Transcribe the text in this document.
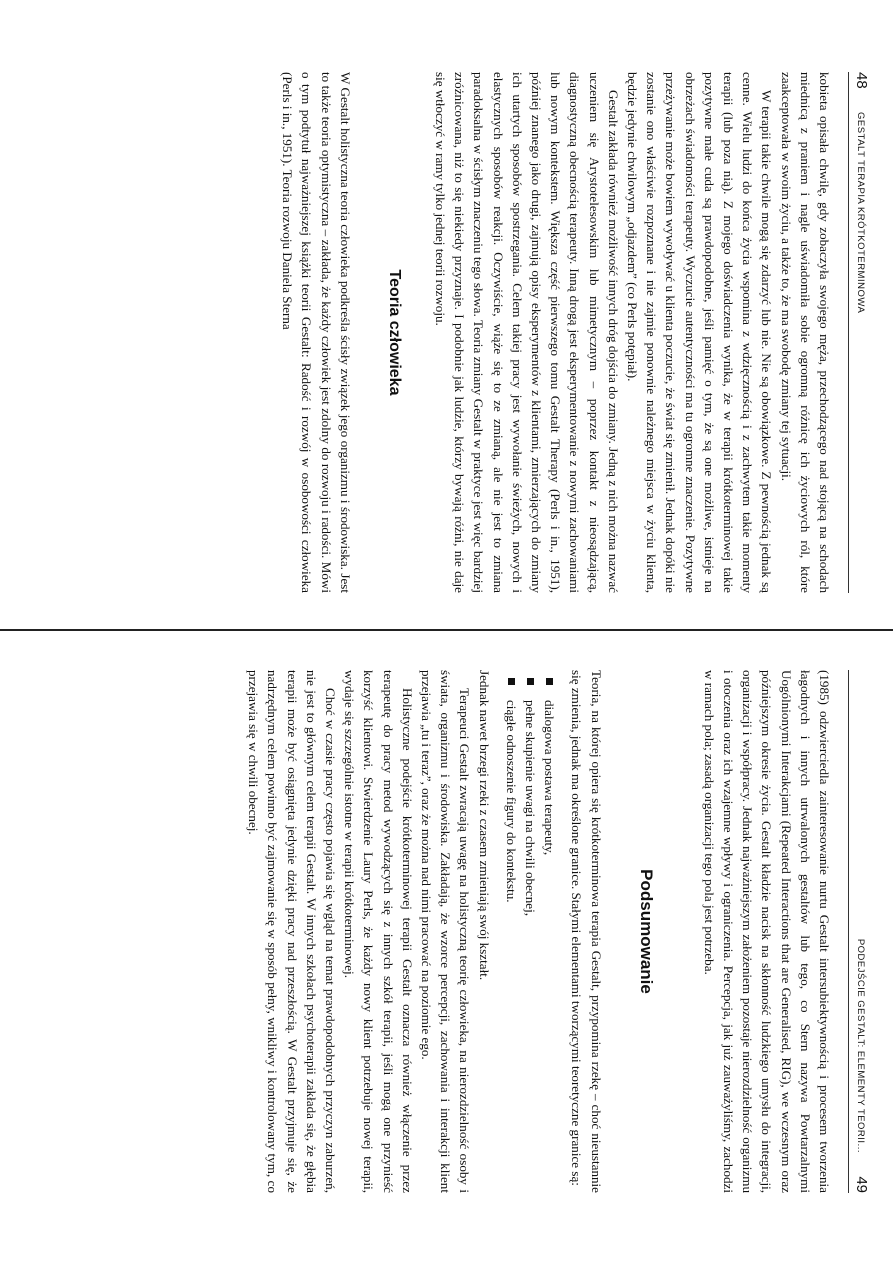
48
GESTALT TERAPIA KRÓTKOTERMINOWA

kobieta opisała chwilę, gdy zobaczyła swojego męża, przechodzącego nad stojącą na schodach miednicą z praniem i nagle uświadomiła sobie ogromną różnicę ich życiowych ról, które zaakceptowała w swoim życiu, a także to, że ma swobodę zmiany tej sytuacji.

W terapii takie chwile mogą się zdarzyć lub nie. Nie są obowiązkowe. Z pewnością jednak są cenne. Wielu ludzi do końca życia wspomina z wdzięcznością i z zachwytem takie momenty terapii (lub poza nią). Z mojego doświadczenia wynika, że w terapii krótkoterminowej takie pozytywne małe cuda są prawdopodobne, jeśli pamięć o tym, że są one możliwe, istnieje na obrzeżach świadomości terapeuty. Wyczucie autentyczności ma tu ogromne znaczenie. Pozytywne przeżywanie może bowiem wywoływać u klienta poczucie, że świat się zmienił. Jednak dopóki nie zostanie ono właściwie rozpoznane i nie zajmie ponownie należnego miejsca w życiu klienta, będzie jedynie chwilowym „odjazdem” (co Perls potępiał).

Gestalt zakłada również możliwość innych dróg dojścia do zmiany. Jedną z nich można nazwać uczeniem się Arystotelesowskim lub mimetycznym – poprzez kontakt z nieosądzającą, diagnostyczną obecnością terapeuty. Inną drogą jest eksperymentowanie z nowymi zachowaniami lub nowym kontekstem. Większa część pierwszego tomu Gestalt Therapy (Perls i in., 1951), później znanego jako drugi, zajmują opisy eksperymentów z klientami, zmierzających do zmiany ich utartych sposobów spostrzegania. Celem takiej pracy jest wywołanie świeżych, nowych i elastycznych sposobów reakcji. Oczywiście, wiąże się to ze zmianą, ale nie jest to zmiana paradoksalna w ścisłym znaczeniu tego słowa. Teoria zmiany Gestalt w praktyce jest więc bardziej zróżnicowana, niż to się niekiedy przyznaje. I podobnie jak ludzie, którzy bywają różni, nie daje się wtłoczyć w ramy tylko jednej teorii rozwoju.

Teoria człowieka

W Gestalt holistyczna teoria człowieka podkreśla ścisły związek jego organizmu i środowiska. Jest to także teoria optymistyczna – zakłada, że każdy człowiek jest zdolny do rozwoju i radości. Mówi o tym podtytuł najważniejszej książki teorii Gestalt: Radość i rozwój w osobowości człowieka (Perls i in., 1951). Teoria rozwoju Daniela Sterna

PODEJŚCIE GESTALT: ELEMENTY TEORII...
49

(1985) odzwierciedla zainteresowanie nurtu Gestalt intersubiektywnością i procesem tworzenia łagodnych i innych utrwalonych gestaltów lub tego, co Stern nazywa Powtarzalnymi Uogólnionymi Interakcjami (Repeated Interactions that are Generalised, RIG), we wczesnym oraz późniejszym okresie życia. Gestalt kładzie nacisk na skłonność ludzkiego umysłu do integracji, organizacji i współpracy. Jednak najważniejszym założeniem pozostaje nierozdzielność organizmu i otoczenia oraz ich wzajemne wpływy i ograniczenia. Percepcja, jak już zauważyliśmy, zachodzi w ramach pola; zasadą organizacji tego pola jest potrzeba.

Podsumowanie

Teoria, na której opiera się krótkoterminowa terapia Gestalt, przypomina rzekę – choć nieustannie się zmienia, jednak ma określone granice. Stałymi elementami tworzącymi teoretyczne granice są:

dialogowa postawa terapeuty,
pełne skupienie uwagi na chwili obecnej,
ciągłe odnoszenie figury do kontekstu.

Jednak nawet brzegi rzeki z czasem zmieniają swój kształt.

Terapeuci Gestalt zwracają uwagę na holistyczną teorię człowieka, na nierozdzielność osoby i świata, organizmu i środowiska. Zakładają, że wzorce percepcji, zachowania i interakcji klient przejawia „tu i teraz”, oraz że można nad nimi pracować na poziomie ego.

Holistyczne podejście krótkoterminowej terapii Gestalt oznacza również włączenie przez terapeutę do pracy metod wywodzących się z innych szkół terapii, jeśli mogą one przynieść korzyść klientowi. Stwierdzenie Laury Perls, że każdy nowy klient potrzebuje nowej terapii, wydaje się szczególnie istotne w terapii krótkoterminowej.

Choć w czasie pracy często pojawia się wgląd na temat prawdopodobnych przyczyn zaburzeń, nie jest to głównym celem terapii Gestalt. W innych szkołach psychoterapii zakłada się, że głębia terapii może być osiągnięta jedynie dzięki pracy nad przeszłością. W Gestalt przyjmuje się, że nadrzędnym celem powinno być zajmowanie się w sposób pełny, wnikliwy i kontrolowany tym, co przejawia się w chwili obecnej.
